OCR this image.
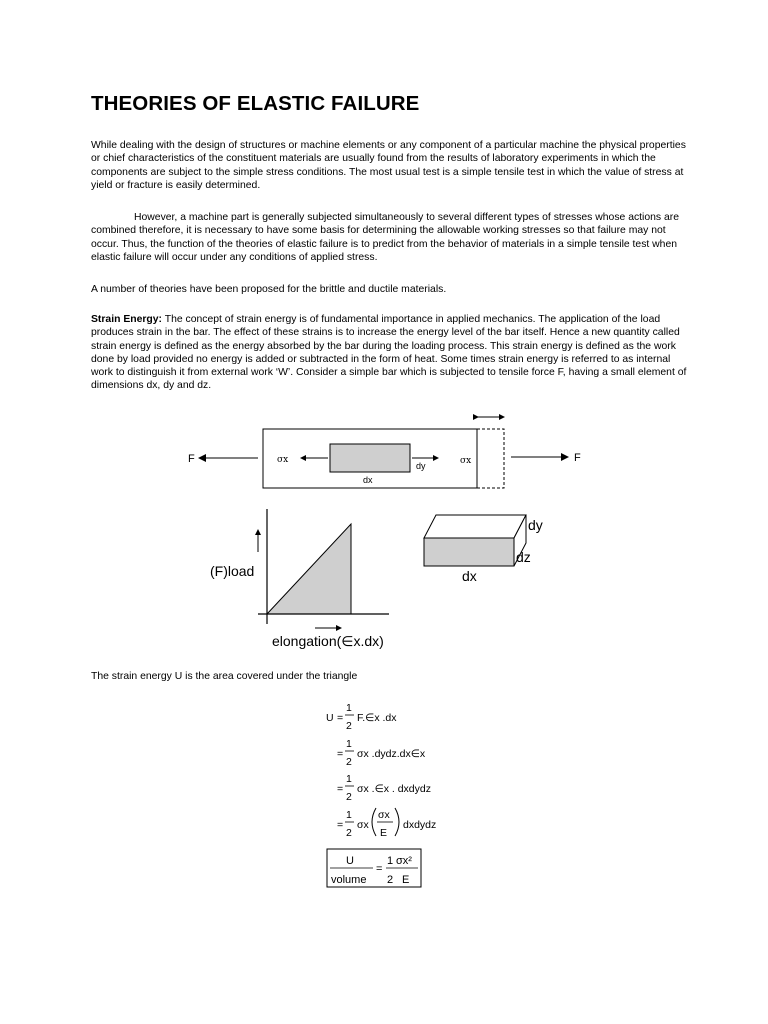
THEORIES OF ELASTIC FAILURE

While dealing with the design of structures or machine elements or any component of a particular machine the physical properties or chief characteristics of the constituent materials are usually found from the results of laboratory experiments in which the components are subject to the simple stress conditions. The most usual test is a simple tensile test in which the value of stress at yield or fracture is easily determined.

However, a machine part is generally subjected simultaneously to several different types of stresses whose actions are combined therefore, it is necessary to have some basis for determining the allowable working stresses so that failure may not occur. Thus, the function of the theories of elastic failure is to predict from the behavior of materials in a simple tensile test when elastic failure will occur under any conditions of applied stress.

A number of theories have been proposed for the brittle and ductile materials.

Strain Energy: The concept of strain energy is of fundamental importance in applied mechanics. The application of the load produces strain in the bar. The effect of these strains is to increase the energy level of the bar itself. Hence a new quantity called strain energy is defined as the energy absorbed by the bar during the loading process. This strain energy is defined as the work done by load provided no energy is added or subtracted in the form of heat. Some times strain energy is referred to as internal work to distinguish it from external work ‘W’. Consider a simple bar which is subjected to tensile force F, having a small element of dimensions dx, dy and dz.

F	F
σx	σx
dx
dy
(F)load
elongation(∈x.dx)
dy
dz
dx

The strain energy U is the area covered under the triangle

U =
1
2
F.∈x .dx
=
1
2
σx .dydz.dx∈x
=
1
2
σx .∈x . dxdydz
=
1
2
σx
σx
E
dxdydz
U
volume
=
1 σx²
2 E
